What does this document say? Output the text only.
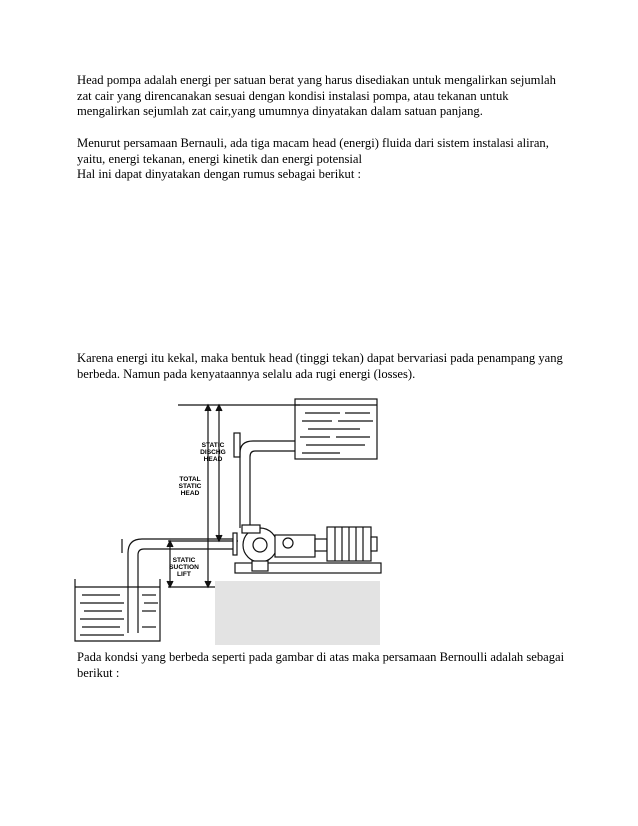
Head pompa adalah energi per satuan berat yang harus disediakan untuk mengalirkan sejumlah
zat cair yang direncanakan sesuai dengan kondisi instalasi pompa, atau tekanan untuk
mengalirkan sejumlah zat cair,yang umumnya dinyatakan dalam satuan panjang.

Menurut persamaan Bernauli, ada tiga macam head (energi) fluida dari sistem instalasi aliran,
yaitu, energi tekanan, energi kinetik dan energi potensial
Hal ini dapat dinyatakan dengan rumus sebagai berikut :

Karena energi itu kekal, maka bentuk head (tinggi tekan) dapat bervariasi pada penampang yang
berbeda. Namun pada kenyataannya selalu ada rugi energi (losses).

STATIC
DISCHG
HEAD
TOTAL
STATIC
HEAD
STATIC
SUCTION
LIFT

Pada kondsi yang berbeda seperti pada gambar di atas maka persamaan Bernoulli adalah sebagai
berikut :
